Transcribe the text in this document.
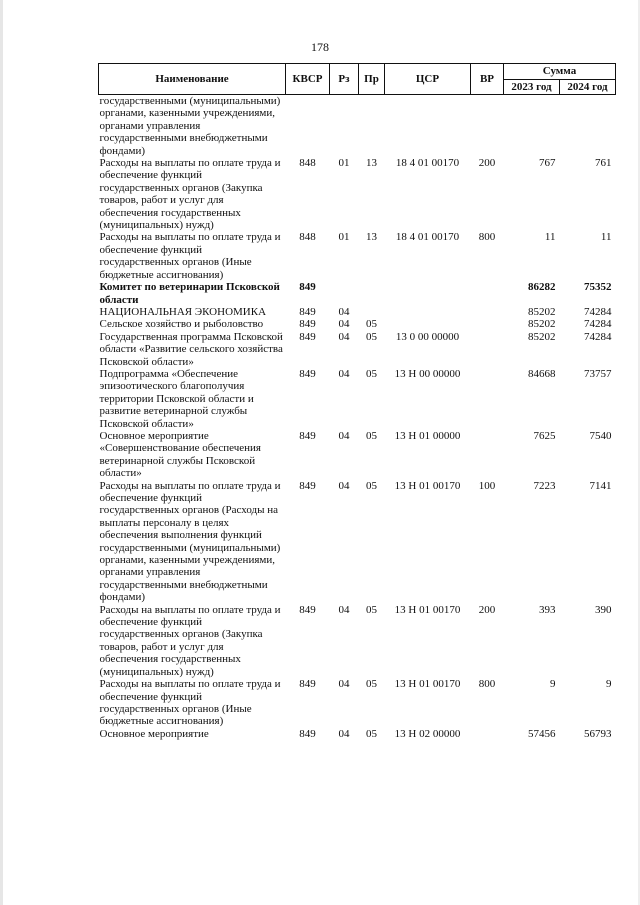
178
Наименование	КВСР	Рз	Пр	ЦСР	ВР	Сумма	
						2023 год	2024 год
государственными (муниципальными) органами, казенными учреждениями, органами управления государственными внебюджетными фондами)							
Расходы на выплаты по оплате труда и обеспечение функций государственных органов (Закупка товаров, работ и услуг для обеспечения государственных (муниципальных) нужд)	848	01	13	18 4 01 00170	200	767	761
Расходы на выплаты по оплате труда и обеспечение функций государственных органов (Иные бюджетные ассигнования)	848	01	13	18 4 01 00170	800	11	11
Комитет по ветеринарии Псковской области	849					86282	75352
НАЦИОНАЛЬНАЯ ЭКОНОМИКА	849	04				85202	74284
Сельское хозяйство и рыболовство	849	04	05			85202	74284
Государственная программа Псковской области «Развитие сельского хозяйства Псковской области»	849	04	05	13 0 00 00000		85202	74284
Подпрограмма «Обеспечение эпизоотического благополучия территории Псковской области и развитие ветеринарной службы Псковской области»	849	04	05	13 Н 00 00000		84668	73757
Основное мероприятие «Совершенствование обеспечения ветеринарной службы Псковской области»	849	04	05	13 Н 01 00000		7625	7540
Расходы на выплаты по оплате труда и обеспечение функций государственных органов (Расходы на выплаты персоналу в целях обеспечения выполнения функций государственными (муниципальными) органами, казенными учреждениями, органами управления государственными внебюджетными фондами)	849	04	05	13 Н 01 00170	100	7223	7141
Расходы на выплаты по оплате труда и обеспечение функций государственных органов (Закупка товаров, работ и услуг для обеспечения государственных (муниципальных) нужд)	849	04	05	13 Н 01 00170	200	393	390
Расходы на выплаты по оплате труда и обеспечение функций государственных органов (Иные бюджетные ассигнования)	849	04	05	13 Н 01 00170	800	9	9
Основное мероприятие	849	04	05	13 Н 02 00000		57456	56793
